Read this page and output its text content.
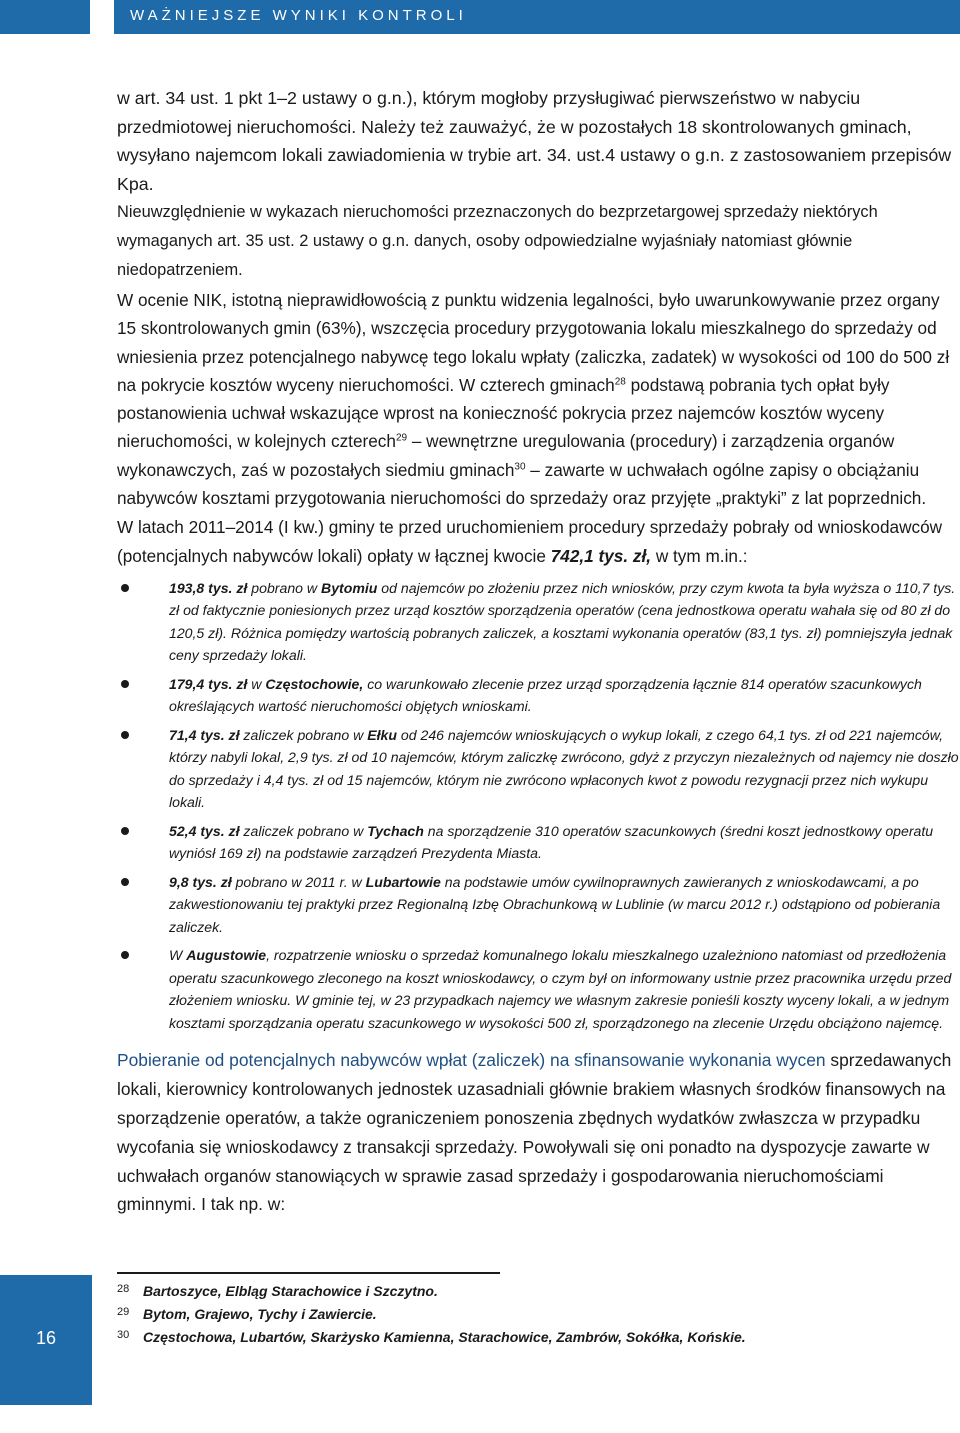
WAŻNIEJSZE WYNIKI KONTROLI

w art. 34 ust. 1 pkt 1–2 ustawy o g.n.), którym mogłoby przysługiwać pierwszeństwo w nabyciu przedmiotowej nieruchomości. Należy też zauważyć, że w pozostałych 18 skontrolowanych gminach, wysyłano najemcom lokali zawiadomienia w trybie art. 34. ust.4 ustawy o g.n. z zastosowaniem przepisów Kpa.

Nieuwzględnienie w wykazach nieruchomości przeznaczonych do bezprzetargowej sprzedaży niektórych wymaganych art. 35 ust. 2 ustawy o g.n. danych, osoby odpowiedzialne wyjaśniały natomiast głównie niedopatrzeniem.

W ocenie NIK, istotną nieprawidłowością z punktu widzenia legalności, było uwarunkowywanie przez organy 15 skontrolowanych gmin (63%), wszczęcia procedury przygotowania lokalu mieszkalnego do sprzedaży od wniesienia przez potencjalnego nabywcę tego lokalu wpłaty (zaliczka, zadatek) w wysokości od 100 do 500 zł na pokrycie kosztów wyceny nieruchomości. W czterech gminach$^{28}$ podstawą pobrania tych opłat były postanowienia uchwał wskazujące wprost na konieczność pokrycia przez najemców kosztów wyceny nieruchomości, w kolejnych czterech$^{29}$ – wewnętrzne uregulowania (procedury) i zarządzenia organów wykonawczych, zaś w pozostałych siedmiu gminach$^{30}$ – zawarte w uchwałach ogólne zapisy o obciążaniu nabywców kosztami przygotowania nieruchomości do sprzedaży oraz przyjęte „praktyki” z lat poprzednich.

W latach 2011–2014 (I kw.) gminy te przed uruchomieniem procedury sprzedaży pobrały od wnioskodawców (potencjalnych nabywców lokali) opłaty w łącznej kwocie 742,1 tys. zł, w tym m.in.:

193,8 tys. zł pobrano w Bytomiu od najemców po złożeniu przez nich wniosków, przy czym kwota ta była wyższa o 110,7 tys. zł od faktycznie poniesionych przez urząd kosztów sporządzenia operatów (cena jednostkowa operatu wahała się od 80 zł do 120,5 zł). Różnica pomiędzy wartością pobranych zaliczek, a kosztami wykonania operatów (83,1 tys. zł) pomniejszyła jednak ceny sprzedaży lokali.
179,4 tys. zł w Częstochowie, co warunkowało zlecenie przez urząd sporządzenia łącznie 814 operatów szacunkowych określających wartość nieruchomości objętych wnioskami.
71,4 tys. zł zaliczek pobrano w Ełku od 246 najemców wnioskujących o wykup lokali, z czego 64,1 tys. zł od 221 najemców, którzy nabyli lokal, 2,9 tys. zł od 10 najemców, którym zaliczkę zwrócono, gdyż z przyczyn niezależnych od najemcy nie doszło do sprzedaży i 4,4 tys. zł od 15 najemców, którym nie zwrócono wpłaconych kwot z powodu rezygnacji przez nich wykupu lokali.
52,4 tys. zł zaliczek pobrano w Tychach na sporządzenie 310 operatów szacunkowych (średni koszt jednostkowy operatu wyniósł 169 zł) na podstawie zarządzeń Prezydenta Miasta.
9,8 tys. zł pobrano w 2011 r. w Lubartowie na podstawie umów cywilnoprawnych zawieranych z wnioskodawcami, a po zakwestionowaniu tej praktyki przez Regionalną Izbę Obrachunkową w Lublinie (w marcu 2012 r.) odstąpiono od pobierania zaliczek.
W Augustowie, rozpatrzenie wniosku o sprzedaż komunalnego lokalu mieszkalnego uzależniono natomiast od przedłożenia operatu szacunkowego zleconego na koszt wnioskodawcy, o czym był on informowany ustnie przez pracownika urzędu przed złożeniem wniosku. W gminie tej, w 23 przypadkach najemcy we własnym zakresie ponieśli koszty wyceny lokali, a w jednym kosztami sporządzania operatu szacunkowego w wysokości 500 zł, sporządzonego na zlecenie Urzędu obciążono najemcę.

Pobieranie od potencjalnych nabywców wpłat (zaliczek) na sfinansowanie wykonania wycen sprzedawanych lokali, kierownicy kontrolowanych jednostek uzasadniali głównie brakiem własnych środków finansowych na sporządzenie operatów, a także ograniczeniem ponoszenia zbędnych wydatków zwłaszcza w przypadku wycofania się wnioskodawcy z transakcji sprzedaży. Powoływali się oni ponadto na dyspozycje zawarte w uchwałach organów stanowiących w sprawie zasad sprzedaży i gospodarowania nieruchomościami gminnymi. I tak np. w:

28 Bartoszyce, Elbląg Starachowice i Szczytno.
29 Bytom, Grajewo, Tychy i Zawiercie.
30 Częstochowa, Lubartów, Skarżysko Kamienna, Starachowice, Zambrów, Sokółka, Końskie.
16
